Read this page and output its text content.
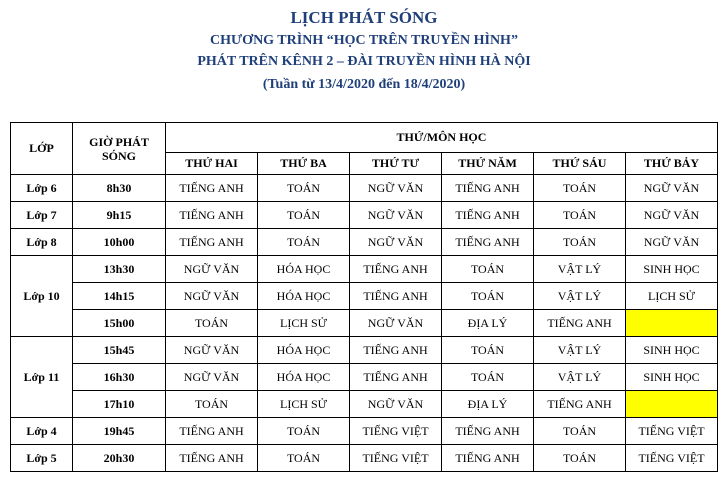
LỊCH PHÁT SÓNG
CHƯƠNG TRÌNH “HỌC TRÊN TRUYỀN HÌNH”
PHÁT TRÊN KÊNH 2 – ĐÀI TRUYỀN HÌNH HÀ NỘI
(Tuần từ 13/4/2020 đến 18/4/2020)
LỚP	GIỜ PHÁT SÓNG	THỨ/MÔN HỌC					
		THỨ HAI	THỨ BA	THỨ TƯ	THỨ NĂM	THỨ SÁU	THỨ BẢY
Lớp 6	8h30	TIẾNG ANH	TOÁN	NGỮ VĂN	TIẾNG ANH	TOÁN	NGỮ VĂN
Lớp 7	9h15	TIẾNG ANH	TOÁN	NGỮ VĂN	TIẾNG ANH	TOÁN	NGỮ VĂN
Lớp 8	10h00	TIẾNG ANH	TOÁN	NGỮ VĂN	TIẾNG ANH	TOÁN	NGỮ VĂN
Lớp 10	13h30	NGỮ VĂN	HÓA HỌC	TIẾNG ANH	TOÁN	VẬT LÝ	SINH HỌC
	14h15	NGỮ VĂN	HÓA HỌC	TIẾNG ANH	TOÁN	VẬT LÝ	LỊCH SỬ
	15h00	TOÁN	LỊCH SỬ	NGỮ VĂN	ĐỊA LÝ	TIẾNG ANH	
Lớp 11	15h45	NGỮ VĂN	HÓA HỌC	TIẾNG ANH	TOÁN	VẬT LÝ	SINH HỌC
	16h30	NGỮ VĂN	HÓA HỌC	TIẾNG ANH	TOÁN	VẬT LÝ	SINH HỌC
	17h10	TOÁN	LỊCH SỬ	NGỮ VĂN	ĐỊA LÝ	TIẾNG ANH	
Lớp 4	19h45	TIẾNG ANH	TOÁN	TIẾNG VIỆT	TIẾNG ANH	TOÁN	TIẾNG VIỆT
Lớp 5	20h30	TIẾNG ANH	TOÁN	TIẾNG VIỆT	TIẾNG ANH	TOÁN	TIẾNG VIỆT
